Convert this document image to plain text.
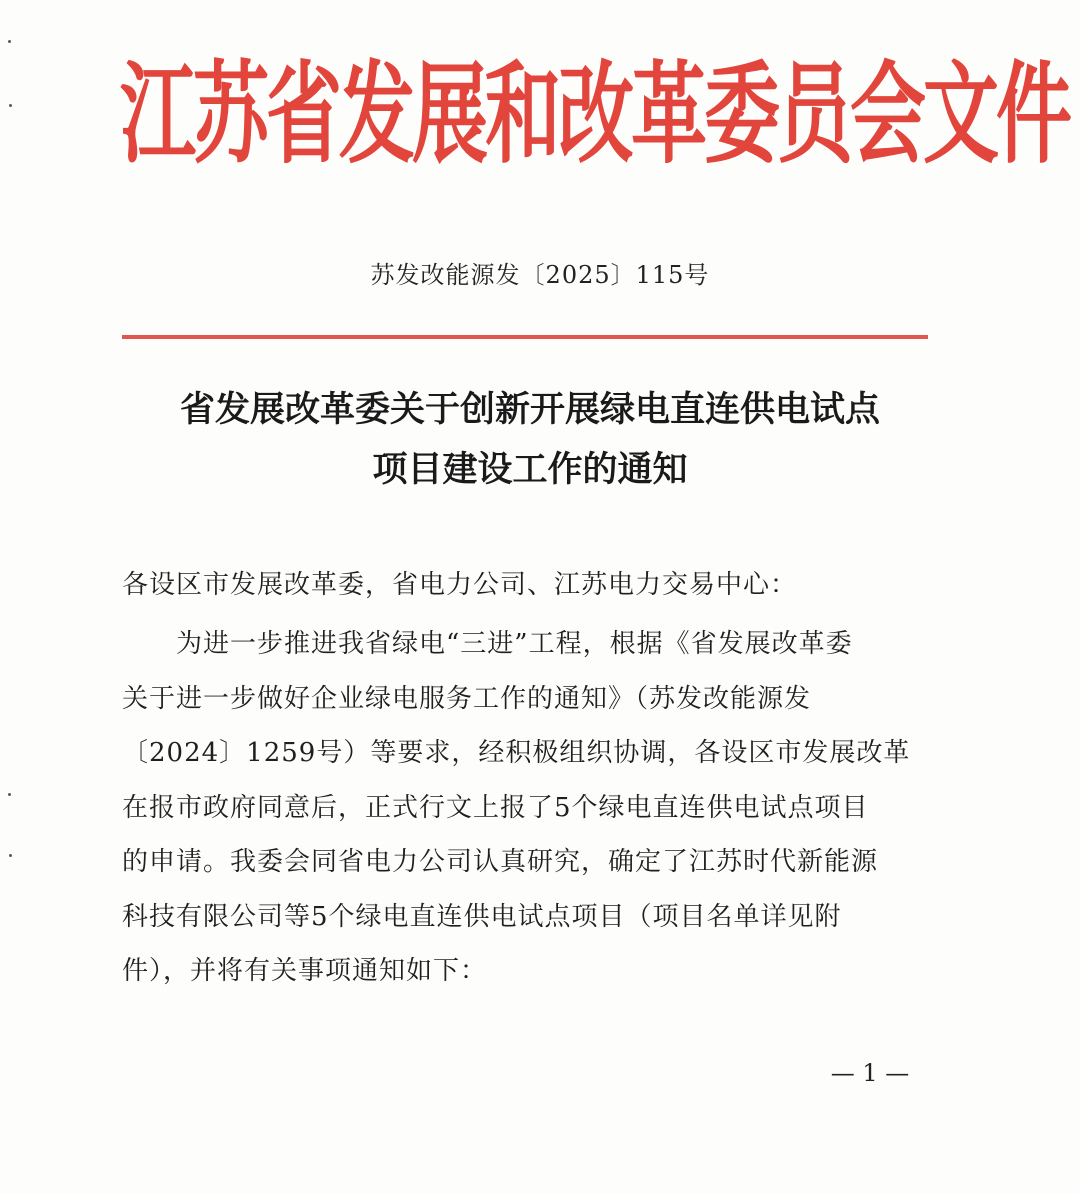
江苏省发展和改革委员会文件
苏发改能源发〔2025〕115号
省发展改革委关于创新开展绿电直连供电试点
项目建设工作的通知
各设区市发展改革委，省电力公司、江苏电力交易中心：
为进一步推进我省绿电“三进”工程，根据《省发展改革委
关于进一步做好企业绿电服务工作的通知》（苏发改能源发
〔2024〕1259号）等要求，经积极组织协调，各设区市发展改革
在报市政府同意后，正式行文上报了5个绿电直连供电试点项目
的申请。我委会同省电力公司认真研究，确定了江苏时代新能源
科技有限公司等5个绿电直连供电试点项目（项目名单详见附
件），并将有关事项通知如下：
— 1 —
